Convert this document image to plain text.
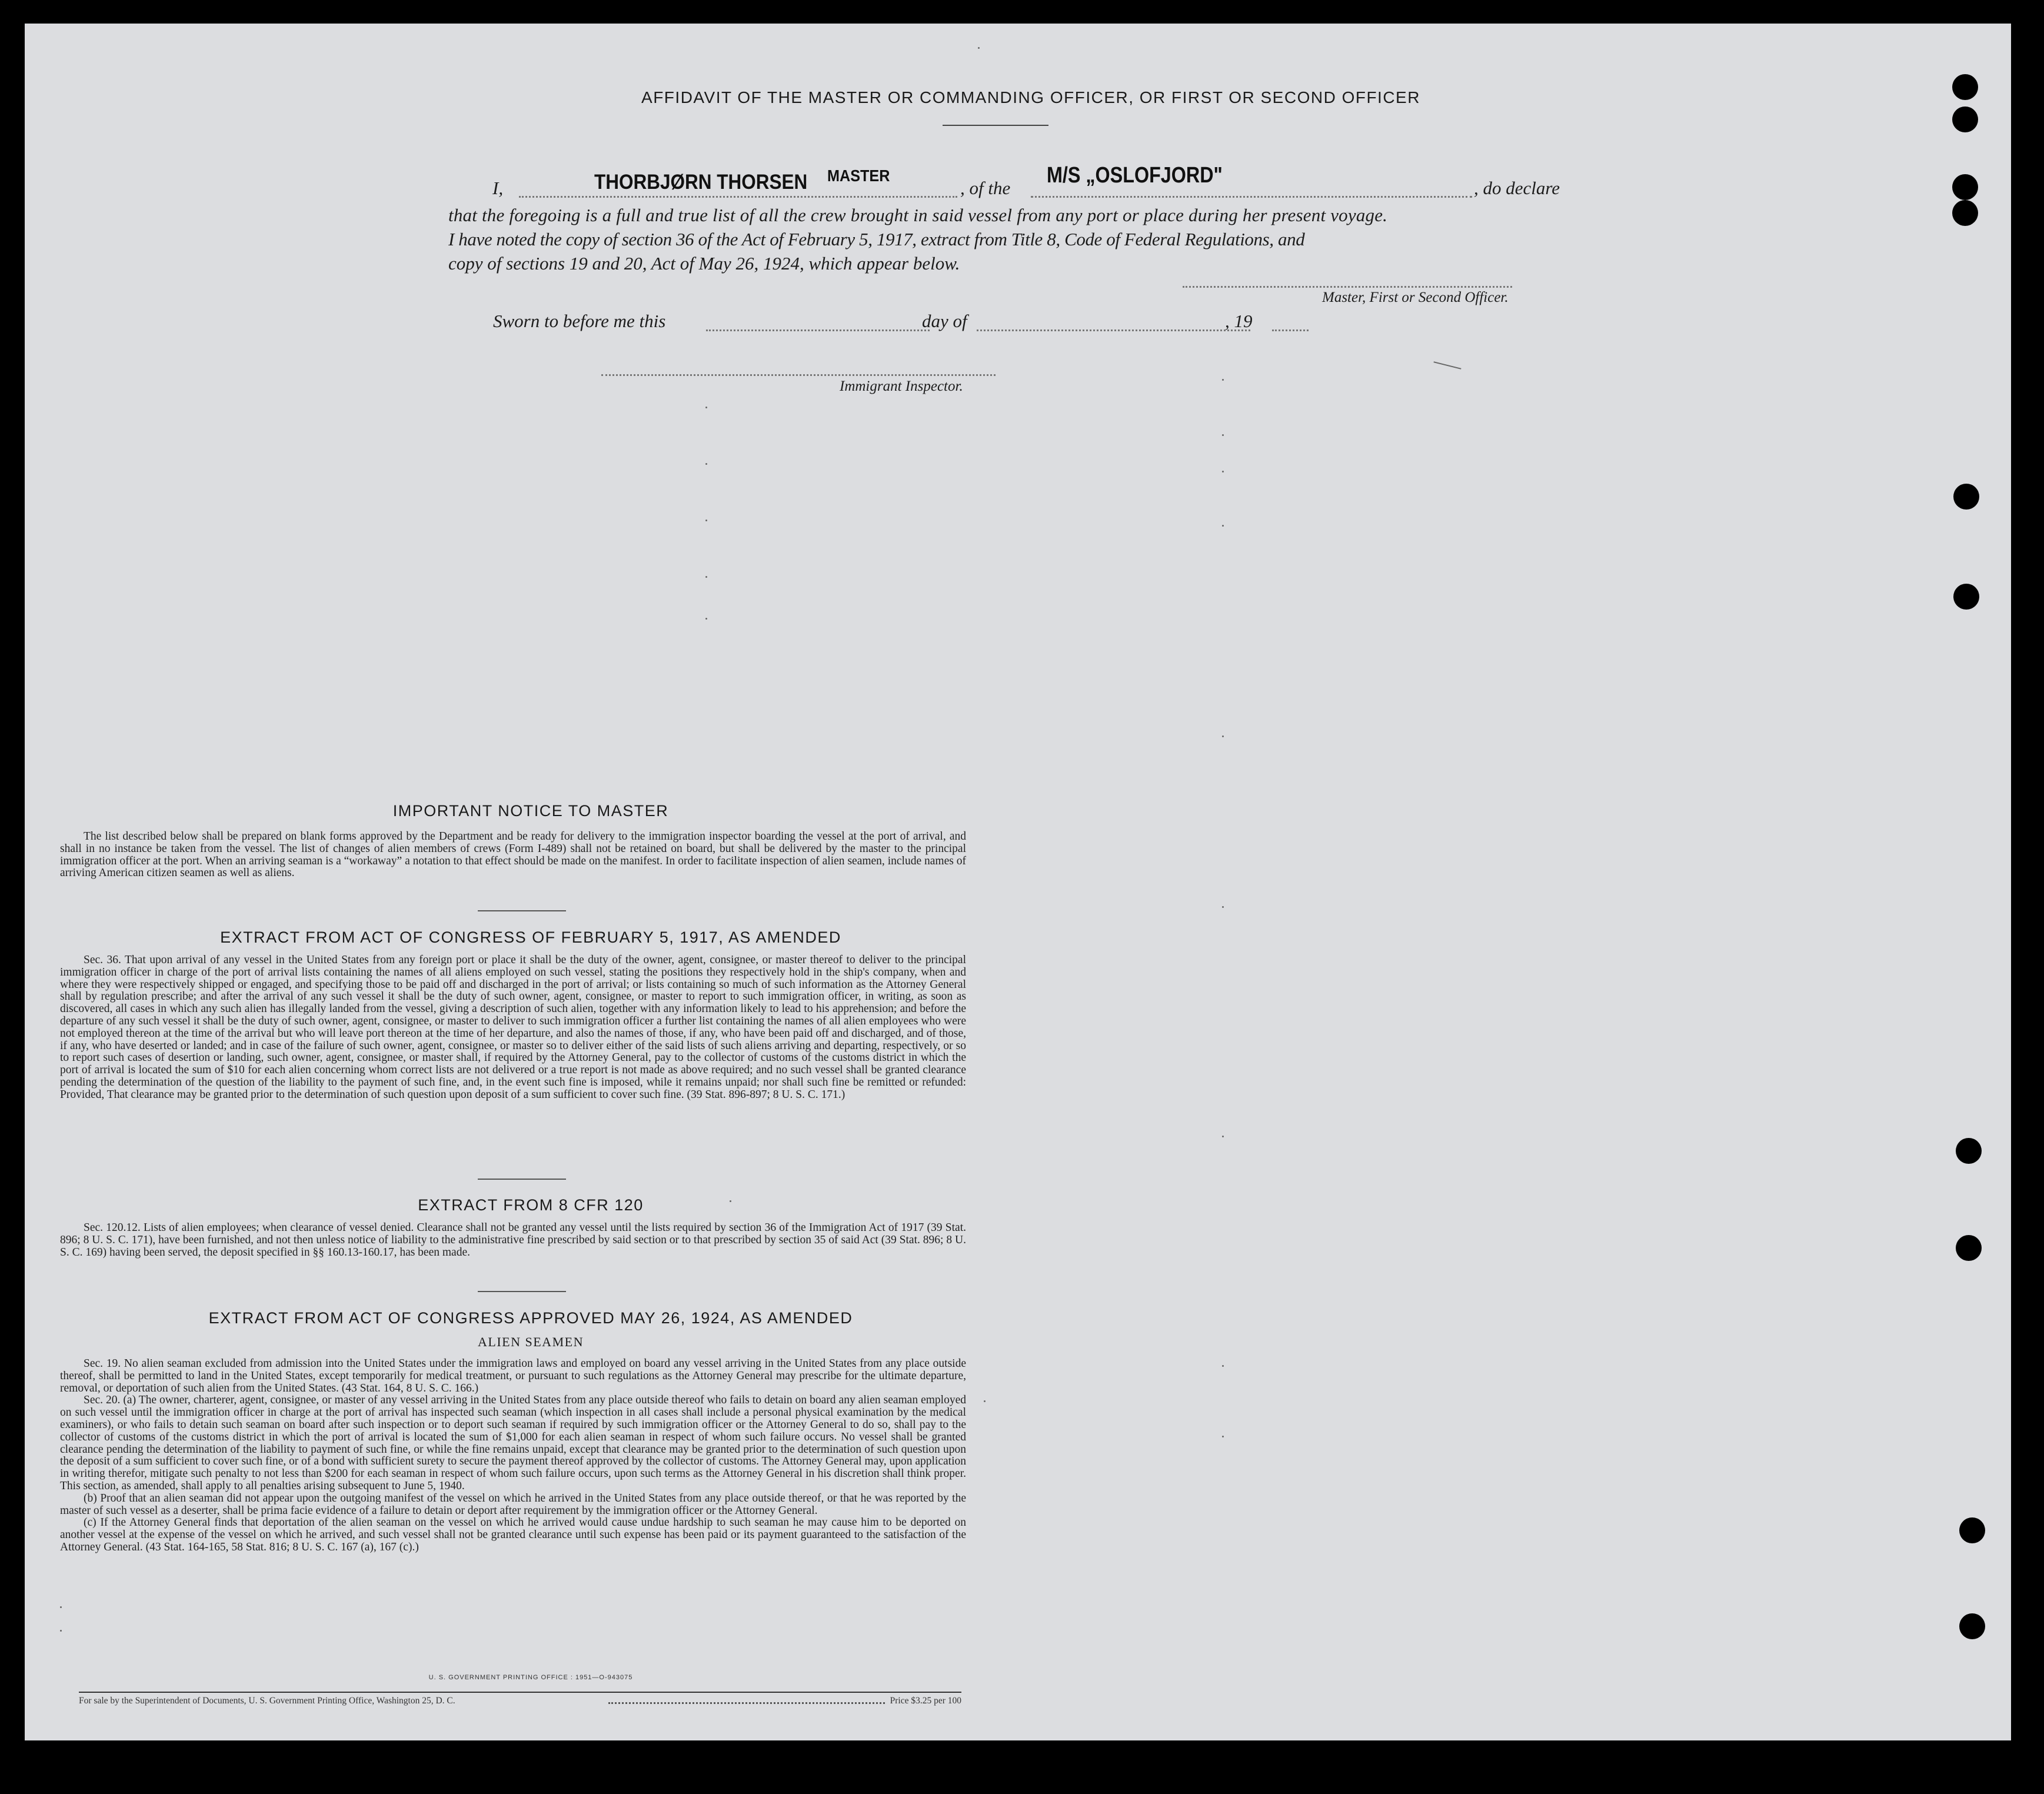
AFFIDAVIT OF THE MASTER OR COMMANDING OFFICER, OR FIRST OR SECOND OFFICER
I,	THORBJØRN THORSEN MASTER
, of the
M/S „OSLOFJORD"
, do declare
that the foregoing is a full and true list of all the crew brought in said vessel from any port or place during her present voyage.
I have noted the copy of section 36 of the Act of February 5, 1917, extract from Title 8, Code of Federal Regulations, and
copy of sections 19 and 20, Act of May 26, 1924, which appear below.
Master, First or Second Officer.
Sworn to before me this	day of	, 19
Immigrant Inspector.
IMPORTANT NOTICE TO MASTER

The list described below shall be prepared on blank forms approved by the Department and be ready for delivery to the immigration inspector boarding the vessel at the port of arrival, and shall in no instance be taken from the vessel. The list of changes of alien members of crews (Form I-489) shall not be retained on board, but shall be delivered by the master to the principal immigration officer at the port. When an arriving seaman is a “workaway” a notation to that effect should be made on the manifest. In order to facilitate inspection of alien seamen, include names of arriving American citizen seamen as well as aliens.

EXTRACT FROM ACT OF CONGRESS OF FEBRUARY 5, 1917, AS AMENDED

Sec. 36. That upon arrival of any vessel in the United States from any foreign port or place it shall be the duty of the owner, agent, consignee, or master thereof to deliver to the principal immigration officer in charge of the port of arrival lists containing the names of all aliens employed on such vessel, stating the positions they respectively hold in the ship's company, when and where they were respectively shipped or engaged, and specifying those to be paid off and discharged in the port of arrival; or lists containing so much of such information as the Attorney General shall by regulation prescribe; and after the arrival of any such vessel it shall be the duty of such owner, agent, consignee, or master to report to such immigration officer, in writing, as soon as discovered, all cases in which any such alien has illegally landed from the vessel, giving a description of such alien, together with any information likely to lead to his apprehension; and before the departure of any such vessel it shall be the duty of such owner, agent, consignee, or master to deliver to such immigration officer a further list containing the names of all alien employees who were not employed thereon at the time of the arrival but who will leave port thereon at the time of her departure, and also the names of those, if any, who have been paid off and discharged, and of those, if any, who have deserted or landed; and in case of the failure of such owner, agent, consignee, or master so to deliver either of the said lists of such aliens arriving and departing, respectively, or so to report such cases of desertion or landing, such owner, agent, consignee, or master shall, if required by the Attorney General, pay to the collector of customs of the customs district in which the port of arrival is located the sum of $10 for each alien concerning whom correct lists are not delivered or a true report is not made as above required; and no such vessel shall be granted clearance pending the determination of the question of the liability to the payment of such fine, and, in the event such fine is imposed, while it remains unpaid; nor shall such fine be remitted or refunded: Provided, That clearance may be granted prior to the determination of such question upon deposit of a sum sufficient to cover such fine. (39 Stat. 896-897; 8 U. S. C. 171.)

EXTRACT FROM 8 CFR 120

Sec. 120.12. Lists of alien employees; when clearance of vessel denied. Clearance shall not be granted any vessel until the lists required by section 36 of the Immigration Act of 1917 (39 Stat. 896; 8 U. S. C. 171), have been furnished, and not then unless notice of liability to the administrative fine prescribed by said section or to that prescribed by section 35 of said Act (39 Stat. 896; 8 U. S. C. 169) having been served, the deposit specified in §§ 160.13-160.17, has been made.

EXTRACT FROM ACT OF CONGRESS APPROVED MAY 26, 1924, AS AMENDED
ALIEN SEAMEN

Sec. 19. No alien seaman excluded from admission into the United States under the immigration laws and employed on board any vessel arriving in the United States from any place outside thereof, shall be permitted to land in the United States, except temporarily for medical treatment, or pursuant to such regulations as the Attorney General may prescribe for the ultimate departure, removal, or deportation of such alien from the United States. (43 Stat. 164, 8 U. S. C. 166.)

Sec. 20. (a) The owner, charterer, agent, consignee, or master of any vessel arriving in the United States from any place outside thereof who fails to detain on board any alien seaman employed on such vessel until the immigration officer in charge at the port of arrival has inspected such seaman (which inspection in all cases shall include a personal physical examination by the medical examiners), or who fails to detain such seaman on board after such inspection or to deport such seaman if required by such immigration officer or the Attorney General to do so, shall pay to the collector of customs of the customs district in which the port of arrival is located the sum of $1,000 for each alien seaman in respect of whom such failure occurs. No vessel shall be granted clearance pending the determination of the liability to payment of such fine, or while the fine remains unpaid, except that clearance may be granted prior to the determination of such question upon the deposit of a sum sufficient to cover such fine, or of a bond with sufficient surety to secure the payment thereof approved by the collector of customs. The Attorney General may, upon application in writing therefor, mitigate such penalty to not less than $200 for each seaman in respect of whom such failure occurs, upon such terms as the Attorney General in his discretion shall think proper. This section, as amended, shall apply to all penalties arising subsequent to June 5, 1940.

(b) Proof that an alien seaman did not appear upon the outgoing manifest of the vessel on which he arrived in the United States from any place outside thereof, or that he was reported by the master of such vessel as a deserter, shall be prima facie evidence of a failure to detain or deport after requirement by the immigration officer or the Attorney General.

(c) If the Attorney General finds that deportation of the alien seaman on the vessel on which he arrived would cause undue hardship to such seaman he may cause him to be deported on another vessel at the expense of the vessel on which he arrived, and such vessel shall not be granted clearance until such expense has been paid or its payment guaranteed to the satisfaction of the Attorney General. (43 Stat. 164-165, 58 Stat. 816; 8 U. S. C. 167 (a), 167 (c).)

U. S. GOVERNMENT PRINTING OFFICE : 1951—O-943075
For sale by the Superintendent of Documents, U. S. Government Printing Office, Washington 25, D. C.	Price $3.25 per 100
